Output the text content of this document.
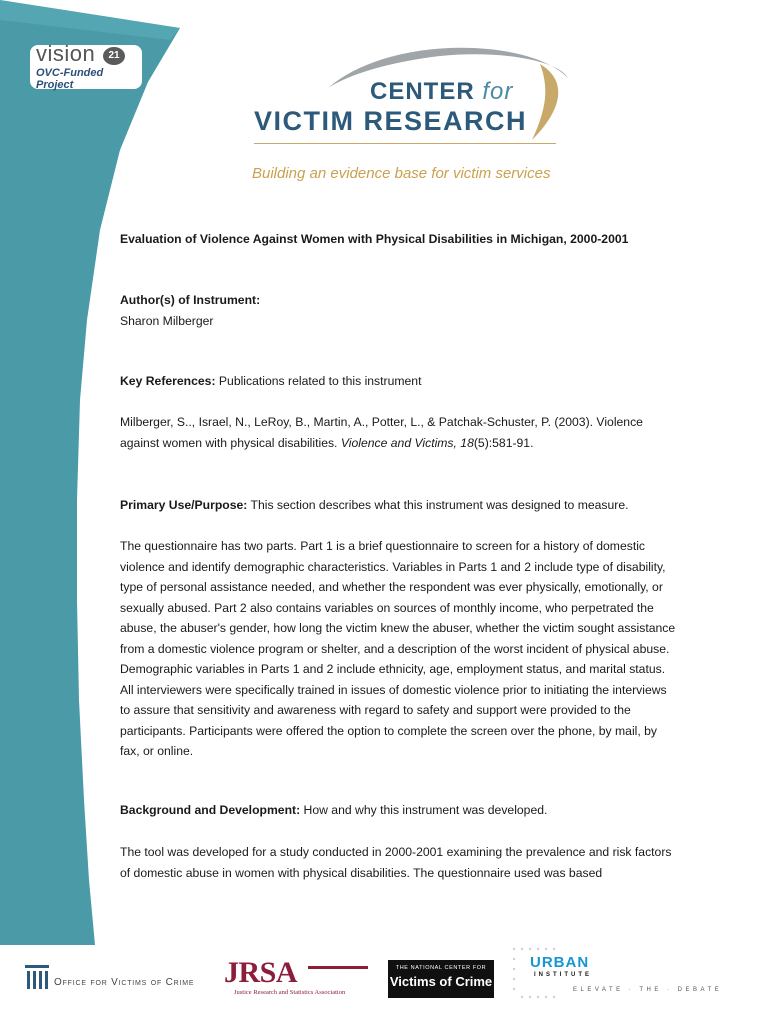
vision	21
OVC-Funded Project	CENTER for
VICTIM RESEARCH
Building an evidence base for victim services

Evaluation of Violence Against Women with Physical Disabilities in Michigan, 2000-2001

Author(s) of Instrument:
Sharon Milberger

Key References: Publications related to this instrument

Milberger, S.., Israel, N., LeRoy, B., Martin, A., Potter, L., & Patchak-Schuster, P. (2003). Violence against women with physical disabilities. Violence and Victims, 18(5):581-91.

Primary Use/Purpose: This section describes what this instrument was designed to measure.

The questionnaire has two parts. Part 1 is a brief questionnaire to screen for a history of domestic violence and identify demographic characteristics. Variables in Parts 1 and 2 include type of disability, type of personal assistance needed, and whether the respondent was ever physically, emotionally, or sexually abused. Part 2 also contains variables on sources of monthly income, who perpetrated the abuse, the abuser's gender, how long the victim knew the abuser, whether the victim sought assistance from a domestic violence program or shelter, and a description of the worst incident of physical abuse. Demographic variables in Parts 1 and 2 include ethnicity, age, employment status, and marital status. All interviewers were specifically trained in issues of domestic violence prior to initiating the interviews to assure that sensitivity and awareness with regard to safety and support were provided to the participants. Participants were offered the option to complete the screen over the phone, by mail, by fax, or online.

Background and Development: How and why this instrument was developed.

The tool was developed for a study conducted in 2000-2001 examining the prevalence and risk factors of domestic abuse in women with physical disabilities. The questionnaire used was based

Office for Victims of Crime JRSA
Justice Research and Statistics Association
THE NATIONAL CENTER FOR
Victims of Crime
URBAN
INSTITUTE
ELEVATE · THE · DEBATE
